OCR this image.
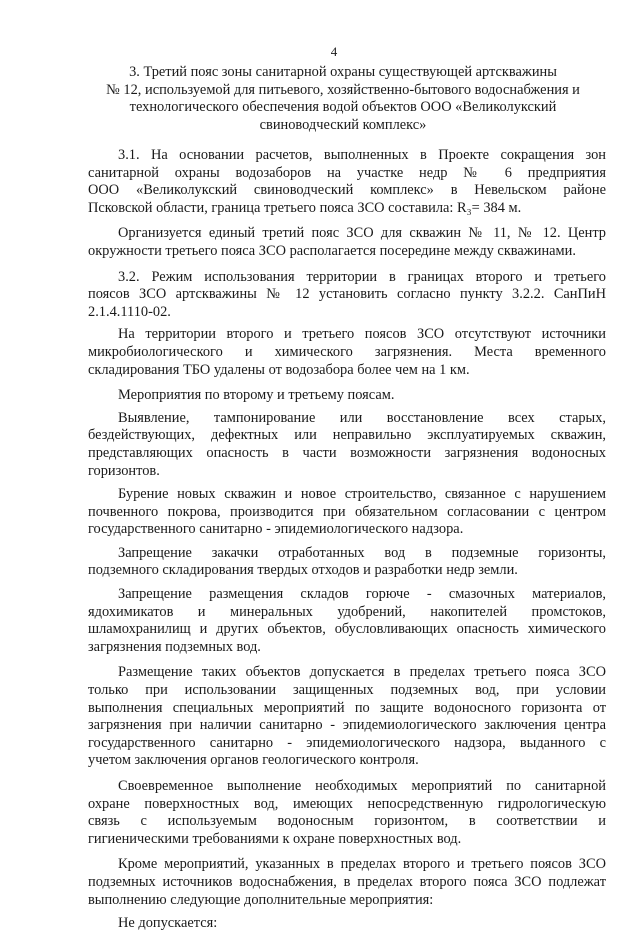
4
3. Третий пояс зоны санитарной охраны существующей артскважины
№ 12, используемой для питьевого, хозяйственно-бытового водоснабжения и
технологического обеспечения водой объектов ООО «Великолукский
свиноводческий комплекс»
3.1. На основании расчетов, выполненных в Проекте сокращения зон
санитарной охраны водозаборов на участке недр № 6 предприятия
ООО «Великолукский свиноводческий комплекс» в Невельском районе
Псковской области, граница третьего пояса ЗСО составила: R₃= 384 м.
Организуется единый третий пояс ЗСО для скважин № 11, № 12. Центр
окружности третьего пояса ЗСО располагается посередине между скважинами.
3.2. Режим использования территории в границах второго и третьего
поясов ЗСО артскважины № 12 установить согласно пункту 3.2.2. СанПиН
2.1.4.1110-02.
На территории второго и третьего поясов ЗСО отсутствуют источники
микробиологического и химического загрязнения. Места временного
складирования ТБО удалены от водозабора более чем на 1 км.
Мероприятия по второму и третьему поясам.
Выявление, тампонирование или восстановление всех старых,
бездействующих, дефектных или неправильно эксплуатируемых скважин,
представляющих опасность в части возможности загрязнения водоносных
горизонтов.
Бурение новых скважин и новое строительство, связанное с нарушением
почвенного покрова, производится при обязательном согласовании с центром
государственного санитарно - эпидемиологического надзора.
Запрещение закачки отработанных вод в подземные горизонты,
подземного складирования твердых отходов и разработки недр земли.
Запрещение размещения складов горюче - смазочных материалов,
ядохимикатов и минеральных удобрений, накопителей промстоков,
шламохранилищ и других объектов, обусловливающих опасность химического
загрязнения подземных вод.
Размещение таких объектов допускается в пределах третьего пояса ЗСО
только при использовании защищенных подземных вод, при условии
выполнения специальных мероприятий по защите водоносного горизонта от
загрязнения при наличии санитарно - эпидемиологического заключения центра
государственного санитарно - эпидемиологического надзора, выданного с
учетом заключения органов геологического контроля.
Своевременное выполнение необходимых мероприятий по санитарной
охране поверхностных вод, имеющих непосредственную гидрологическую
связь с используемым водоносным горизонтом, в соответствии и
гигиеническими требованиями к охране поверхностных вод.
Кроме мероприятий, указанных в пределах второго и третьего поясов ЗСО
подземных источников водоснабжения, в пределах второго пояса ЗСО подлежат
выполнению следующие дополнительные мероприятия:
Не допускается:
